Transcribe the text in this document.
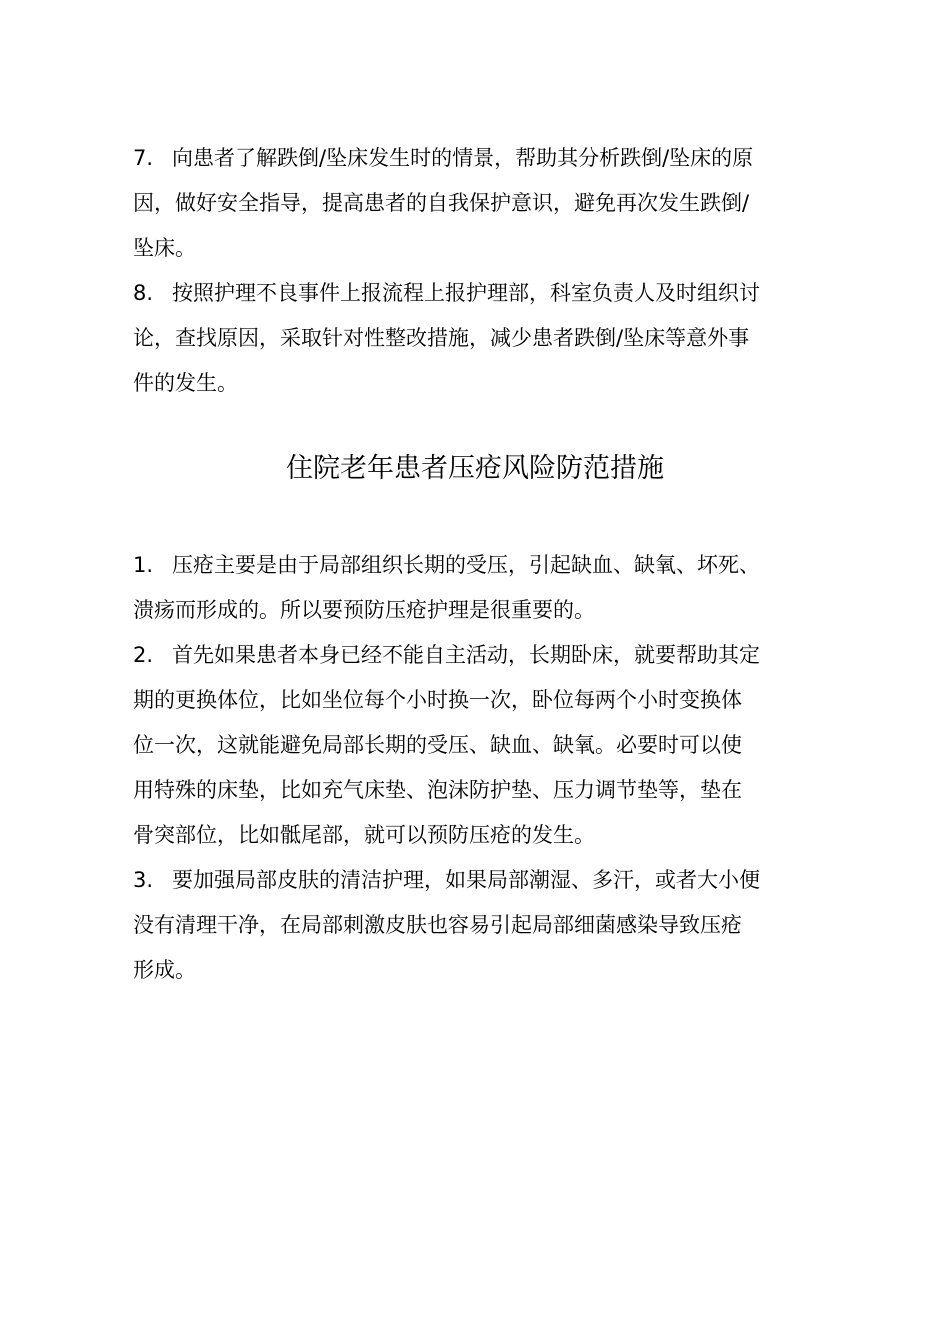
7. 向患者了解跌倒/坠床发生时的情景，帮助其分析跌倒/坠床的原
因，做好安全指导，提高患者的自我保护意识，避免再次发生跌倒/
坠床。
8. 按照护理不良事件上报流程上报护理部，科室负责人及时组织讨
论，查找原因，采取针对性整改措施，减少患者跌倒/坠床等意外事
件的发生。
住院老年患者压疮风险防范措施
1. 压疮主要是由于局部组织长期的受压，引起缺血、缺氧、坏死、
溃疡而形成的。所以要预防压疮护理是很重要的。
2. 首先如果患者本身已经不能自主活动，长期卧床，就要帮助其定
期的更换体位，比如坐位每个小时换一次，卧位每两个小时变换体
位一次，这就能避免局部长期的受压、缺血、缺氧。必要时可以使
用特殊的床垫，比如充气床垫、泡沫防护垫、压力调节垫等，垫在
骨突部位，比如骶尾部，就可以预防压疮的发生。
3. 要加强局部皮肤的清洁护理，如果局部潮湿、多汗，或者大小便
没有清理干净，在局部刺激皮肤也容易引起局部细菌感染导致压疮
形成。
